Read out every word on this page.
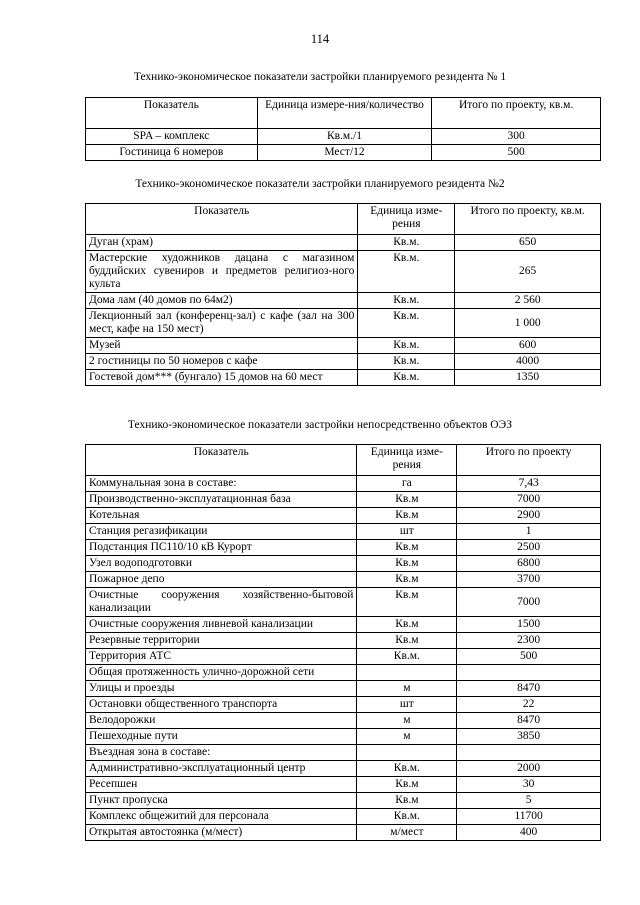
114
Технико-экономическое показатели застройки планируемого резидента № 1
Показатель	Единица измере-ния/количество	Итого по проекту, кв.м.
SPA – комплекс	Кв.м./1	300
Гостиница 6 номеров	Мест/12	500
Технико-экономическое показатели застройки планируемого резидента №2
Показатель	Единица изме-рения	Итого по проекту, кв.м.
Дуган (храм)	Кв.м.	650
Мастерские художников дацана с магазином буддийских сувениров и предметов религиоз-ного культа	Кв.м.	265
Дома лам (40 домов по 64м2)	Кв.м.	2 560
Лекционный зал (конференц-зал) с кафе (зал на 300 мест, кафе на 150 мест)	Кв.м.	1 000
Музей	Кв.м.	600
2 гостиницы по 50 номеров с кафе	Кв.м.	4000
Гостевой дом*** (бунгало) 15 домов на 60 мест	Кв.м.	1350
Технико-экономическое показатели застройки непосредственно объектов ОЭЗ
Показатель	Единица изме-рения	Итого по проекту
Коммунальная зона в составе:	га	7,43
Производственно-эксплуатационная база	Кв.м	7000
Котельная	Кв.м	2900
Станция регазификации	шт	1
Подстанция ПС110/10 кВ Курорт	Кв.м	2500
Узел водоподготовки	Кв.м	6800
Пожарное депо	Кв.м	3700
Очистные сооружения хозяйственно-бытовой канализации	Кв.м	7000
Очистные сооружения ливневой канализации	Кв.м	1500
Резервные территории	Кв.м	2300
Территория АТС	Кв.м.	500
Общая протяженность улично-дорожной сети		
Улицы и проезды	м	8470
Остановки общественного транспорта	шт	22
Велодорожки	м	8470
Пешеходные пути	м	3850
Въездная зона в составе:		
Административно-эксплуатационный центр	Кв.м.	2000
Ресепшен	Кв.м	30
Пункт пропуска	Кв.м	5
Комплекс общежитий для персонала	Кв.м.	11700
Открытая автостоянка (м/мест)	м/мест	400
